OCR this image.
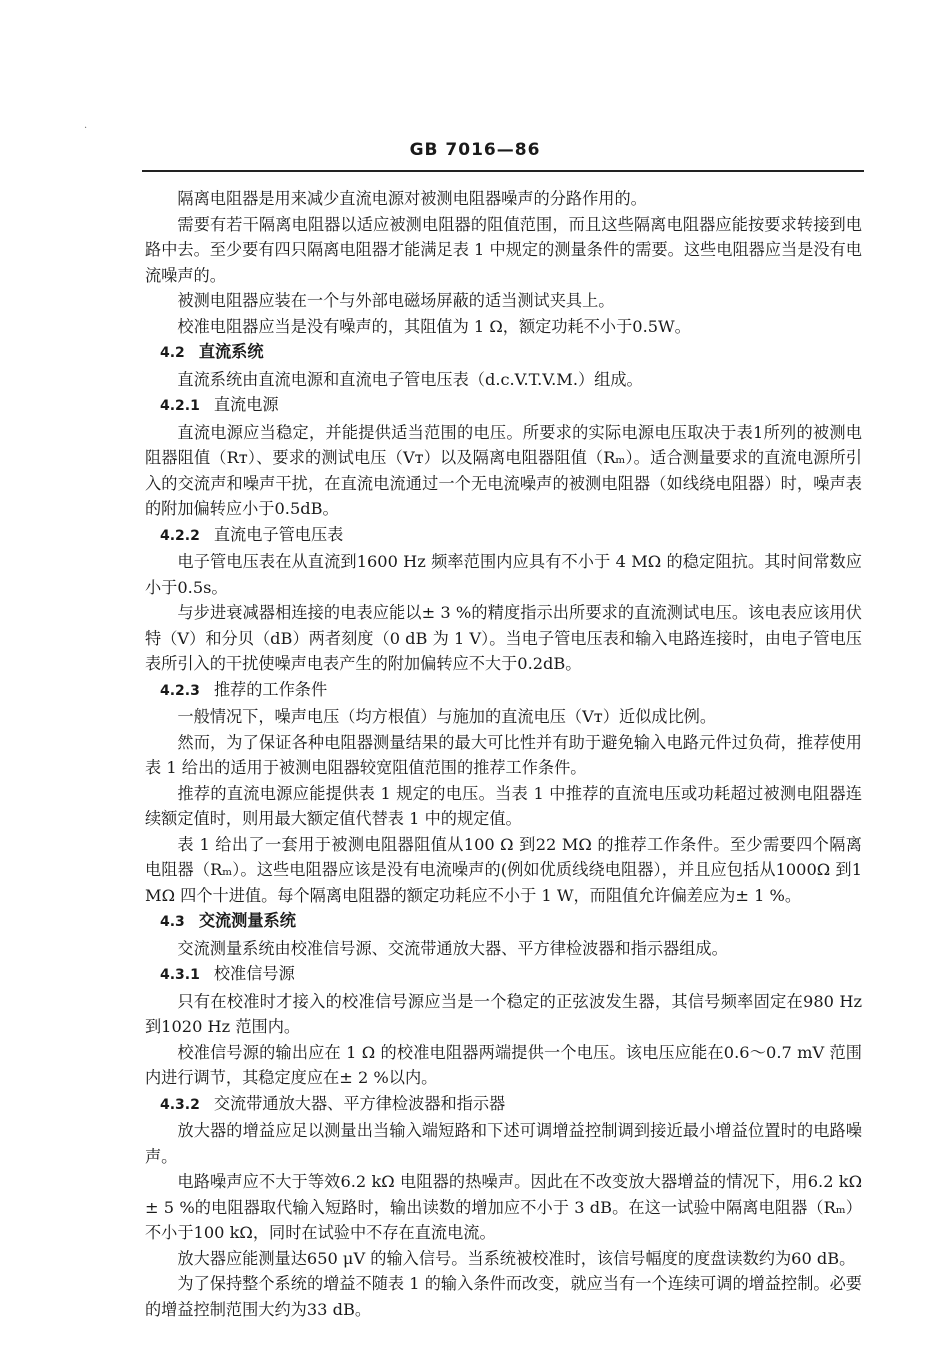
·
GB 7016—86
隔离电阻器是用来减少直流电源对被测电阻器噪声的分路作用的。
需要有若干隔离电阻器以适应被测电阻器的阻值范围，而且这些隔离电阻器应能按要求转接到电路中去。至少要有四只隔离电阻器才能满足表 1 中规定的测量条件的需要。这些电阻器应当是没有电流噪声的。
被测电阻器应装在一个与外部电磁场屏蔽的适当测试夹具上。
校准电阻器应当是没有噪声的，其阻值为 1 Ω，额定功耗不小于0.5W。
4.2 直流系统
直流系统由直流电源和直流电子管电压表（d.c.V.T.V.M.）组成。
4.2.1 直流电源
直流电源应当稳定，并能提供适当范围的电压。所要求的实际电源电压取决于表1所列的被测电阻器阻值（Rᴛ）、要求的测试电压（Vᴛ）以及隔离电阻器阻值（Rₘ）。适合测量要求的直流电源所引入的交流声和噪声干扰，在直流电流通过一个无电流噪声的被测电阻器（如线绕电阻器）时，噪声表的附加偏转应小于0.5dB。
4.2.2 直流电子管电压表
电子管电压表在从直流到1600 Hz 频率范围内应具有不小于 4 MΩ 的稳定阻抗。其时间常数应小于0.5s。
与步进衰减器相连接的电表应能以± 3 %的精度指示出所要求的直流测试电压。该电表应该用伏特（V）和分贝（dB）两者刻度（0 dB 为 1 V）。当电子管电压表和输入电路连接时，由电子管电压表所引入的干扰使噪声电表产生的附加偏转应不大于0.2dB。
4.2.3 推荐的工作条件
一般情况下，噪声电压（均方根值）与施加的直流电压（Vᴛ）近似成比例。
然而，为了保证各种电阻器测量结果的最大可比性并有助于避免输入电路元件过负荷，推荐使用表 1 给出的适用于被测电阻器较宽阻值范围的推荐工作条件。
推荐的直流电源应能提供表 1 规定的电压。当表 1 中推荐的直流电压或功耗超过被测电阻器连续额定值时，则用最大额定值代替表 1 中的规定值。
表 1 给出了一套用于被测电阻器阻值从100 Ω 到22 MΩ 的推荐工作条件。至少需要四个隔离电阻器（Rₘ）。这些电阻器应该是没有电流噪声的(例如优质线绕电阻器），并且应包括从1000Ω 到1 MΩ 四个十进值。每个隔离电阻器的额定功耗应不小于 1 W，而阻值允许偏差应为± 1 %。
4.3 交流测量系统
交流测量系统由校准信号源、交流带通放大器、平方律检波器和指示器组成。
4.3.1 校准信号源
只有在校准时才接入的校准信号源应当是一个稳定的正弦波发生器，其信号频率固定在980 Hz 到1020 Hz 范围内。
校准信号源的输出应在 1 Ω 的校准电阻器两端提供一个电压。该电压应能在0.6～0.7 mV 范围内进行调节，其稳定度应在± 2 %以内。
4.3.2 交流带通放大器、平方律检波器和指示器
放大器的增益应足以测量出当输入端短路和下述可调增益控制调到接近最小增益位置时的电路噪声。
电路噪声应不大于等效6.2 kΩ 电阻器的热噪声。因此在不改变放大器增益的情况下，用6.2 kΩ ± 5 %的电阻器取代输入短路时，输出读数的增加应不小于 3 dB。在这一试验中隔离电阻器（Rₘ）不小于100 kΩ，同时在试验中不存在直流电流。
放大器应能测量达650 μV 的输入信号。当系统被校准时，该信号幅度的度盘读数约为60 dB。
为了保持整个系统的增益不随表 1 的输入条件而改变，就应当有一个连续可调的增益控制。必要的增益控制范围大约为33 dB。
